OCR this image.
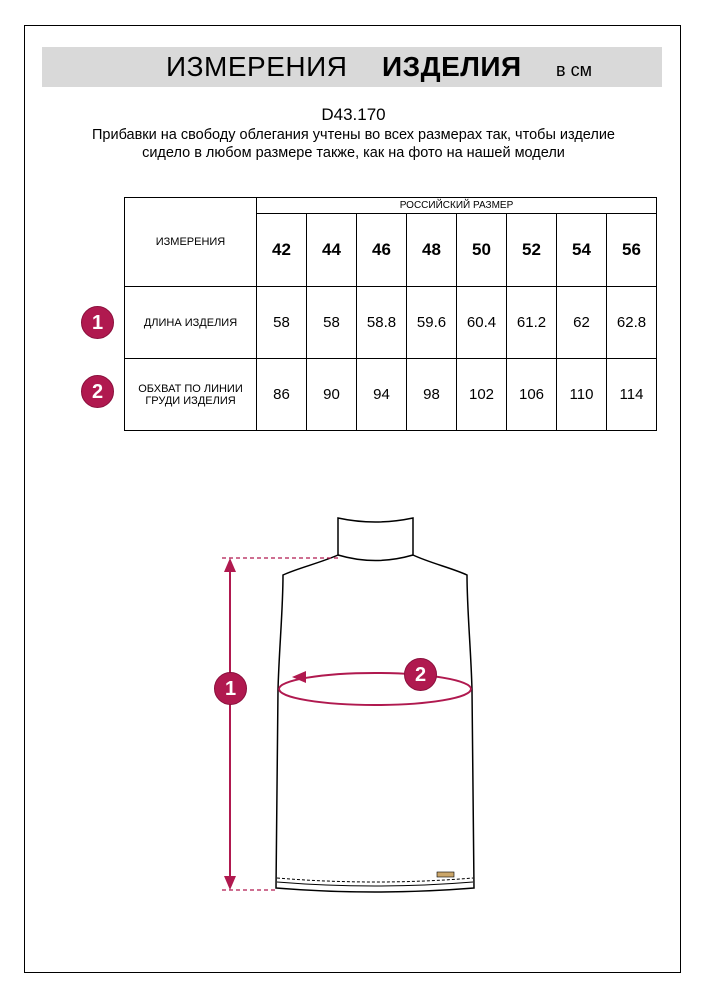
ИЗМЕРЕНИЯ ИЗДЕЛИЯ в см
D43.170
Прибавки на свободу облегания учтены во всех размерах так, чтобы изделие сидело в любом размере также, как на фото на нашей модели
1
2
ИЗМЕРЕНИЯ	РОССИЙСКИЙ РАЗМЕР							
	42	44	46	48	50	52	54	56
ДЛИНА ИЗДЕЛИЯ	58	58	58.8	59.6	60.4	61.2	62	62.8
ОБХВАТ ПО ЛИНИИ ГРУДИ ИЗДЕЛИЯ	86	90	94	98	102	106	110	114
1
2
